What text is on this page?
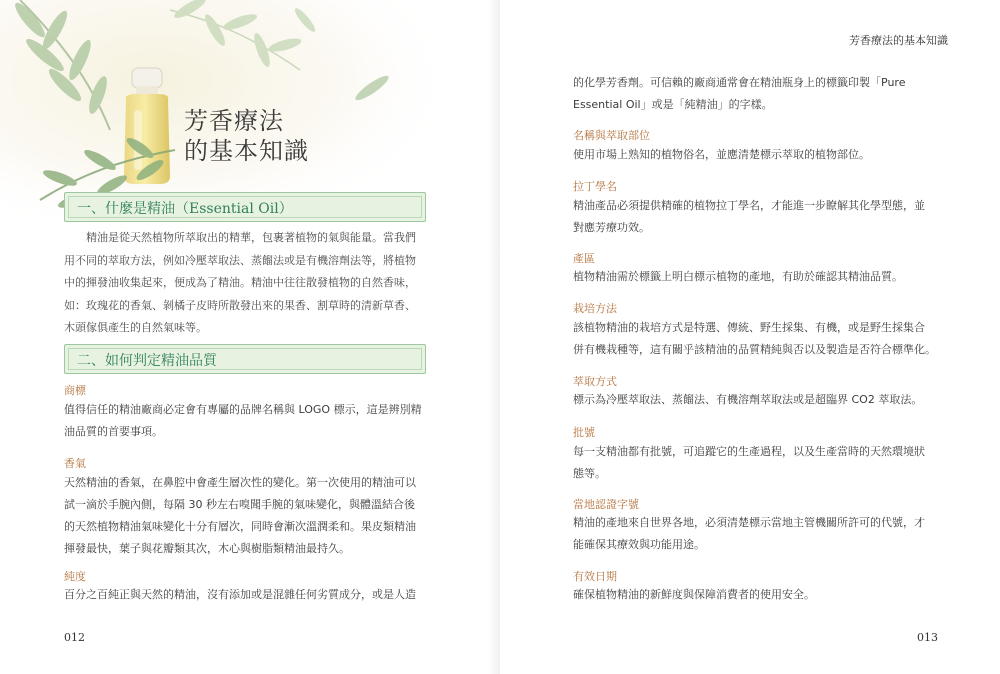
芳香療法
的基本知識
一、什麼是精油（Essential Oil）
精油是從天然植物所萃取出的精華，包裹著植物的氣與能量。當我們
用不同的萃取方法，例如冷壓萃取法、蒸餾法或是有機溶劑法等，將植物
中的揮發油收集起來，便成為了精油。精油中往往散發植物的自然香味，
如：玫瑰花的香氣、剝橘子皮時所散發出來的果香、割草時的清新草香、
木頭傢俱產生的自然氣味等。
二、如何判定精油品質
商標
值得信任的精油廠商必定會有專屬的品牌名稱與 LOGO 標示，這是辨別精
油品質的首要事項。
香氣
天然精油的香氣，在鼻腔中會產生層次性的變化。第一次使用的精油可以
試一滴於手腕內側，每隔 30 秒左右嗅聞手腕的氣味變化，與體溫結合後
的天然植物精油氣味變化十分有層次，同時會漸次溫潤柔和。果皮類精油
揮發最快，葉子與花瓣類其次，木心與樹脂類精油最持久。
純度
百分之百純正與天然的精油，沒有添加或是混雜任何劣質成分，或是人造
012
芳香療法的基本知識
的化學芳香劑。可信賴的廠商通常會在精油瓶身上的標籤印製「Pure
Essential Oil」或是「純精油」的字樣。
名稱與萃取部位
使用市場上熟知的植物俗名，並應清楚標示萃取的植物部位。
拉丁學名
精油產品必須提供精確的植物拉丁學名，才能進一步瞭解其化學型態，並
對應芳療功效。
產區
植物精油需於標籤上明白標示植物的產地，有助於確認其精油品質。
栽培方法
該植物精油的栽培方式是特選、傳統、野生採集、有機，或是野生採集合
併有機栽種等，這有關乎該精油的品質精純與否以及製造是否符合標準化。
萃取方式
標示為冷壓萃取法、蒸餾法、有機溶劑萃取法或是超臨界 CO2 萃取法。
批號
每一支精油都有批號，可追蹤它的生產過程，以及生產當時的天然環境狀
態等。
當地認證字號
精油的產地來自世界各地，必須清楚標示當地主管機關所許可的代號，才
能確保其療效與功能用途。
有效日期
確保植物精油的新鮮度與保障消費者的使用安全。
013
